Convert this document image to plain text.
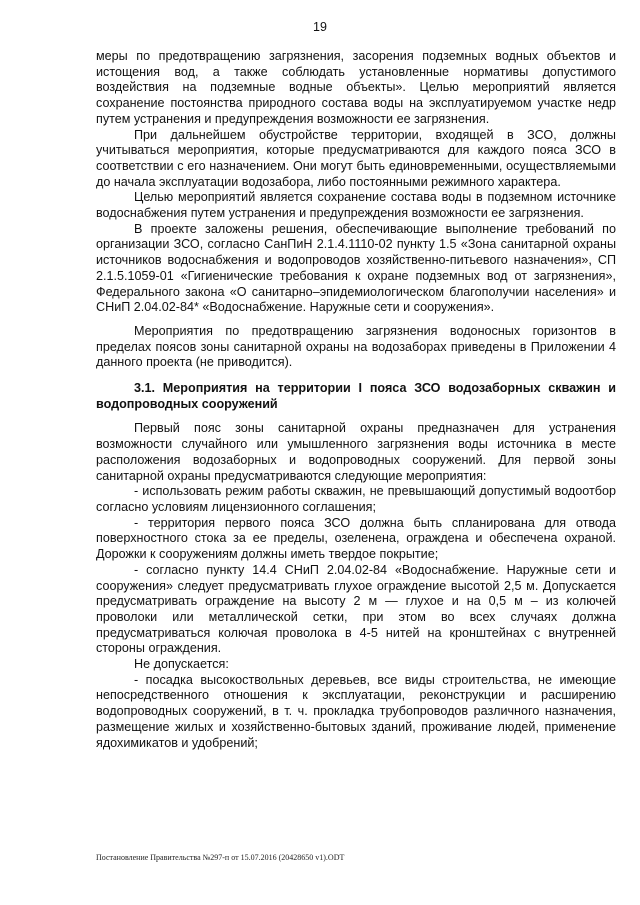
19

меры по предотвращению загрязнения, засорения подземных водных объектов и истощения вод, а также соблюдать установленные нормативы допустимого воздействия на подземные водные объекты». Целью мероприятий является сохранение постоянства природного состава воды на эксплуатируемом участке недр путем устранения и предупреждения возможности ее загрязнения.

При дальнейшем обустройстве территории, входящей в ЗСО, должны учитываться мероприятия, которые предусматриваются для каждого пояса ЗСО в соответствии с его назначением. Они могут быть единовременными, осуществляемыми до начала эксплуатации водозабора, либо постоянными режимного характера.

Целью мероприятий является сохранение состава воды в подземном источнике водоснабжения путем устранения и предупреждения возможности ее загрязнения.

В проекте заложены решения, обеспечивающие выполнение требований по организации ЗСО, согласно СанПиН 2.1.4.1110-02 пункту 1.5 «Зона санитарной охраны источников водоснабжения и водопроводов хозяйственно-питьевого назначения», СП 2.1.5.1059-01 «Гигиенические требования к охране подземных вод от загрязнения», Федерального закона «О санитарно–эпидемиологическом благополучии населения» и СНиП 2.04.02-84* «Водоснабжение. Наружные сети и сооружения».

Мероприятия по предотвращению загрязнения водоносных горизонтов в пределах поясов зоны санитарной охраны на водозаборах приведены в Приложении 4 данного проекта (не приводится).

3.1. Мероприятия на территории I пояса ЗСО водозаборных скважин и водопроводных сооружений

Первый пояс зоны санитарной охраны предназначен для устранения возможности случайного или умышленного загрязнения воды источника в месте расположения водозаборных и водопроводных сооружений. Для первой зоны санитарной охраны предусматриваются следующие мероприятия:

- использовать режим работы скважин, не превышающий допустимый водоотбор согласно условиям лицензионного соглашения;

- территория первого пояса ЗСО должна быть спланирована для отвода поверхностного стока за ее пределы, озеленена, ограждена и обеспечена охраной. Дорожки к сооружениям должны иметь твердое покрытие;

- согласно пункту 14.4 СНиП 2.04.02-84 «Водоснабжение. Наружные сети и сооружения» следует предусматривать глухое ограждение высотой 2,5 м. Допускается предусматривать ограждение на высоту 2 м — глухое и на 0,5 м – из колючей проволоки или металлической сетки, при этом во всех случаях должна предусматриваться колючая проволока в 4-5 нитей на кронштейнах с внутренней стороны ограждения.

Не допускается:

- посадка высокоствольных деревьев, все виды строительства, не имеющие непосредственного отношения к эксплуатации, реконструкции и расширению водопроводных сооружений, в т. ч. прокладка трубопроводов различного назначения, размещение жилых и хозяйственно-бытовых зданий, проживание людей, применение ядохимикатов и удобрений;

Постановление Правительства №297-п от 15.07.2016 (20428650 v1).ODT
